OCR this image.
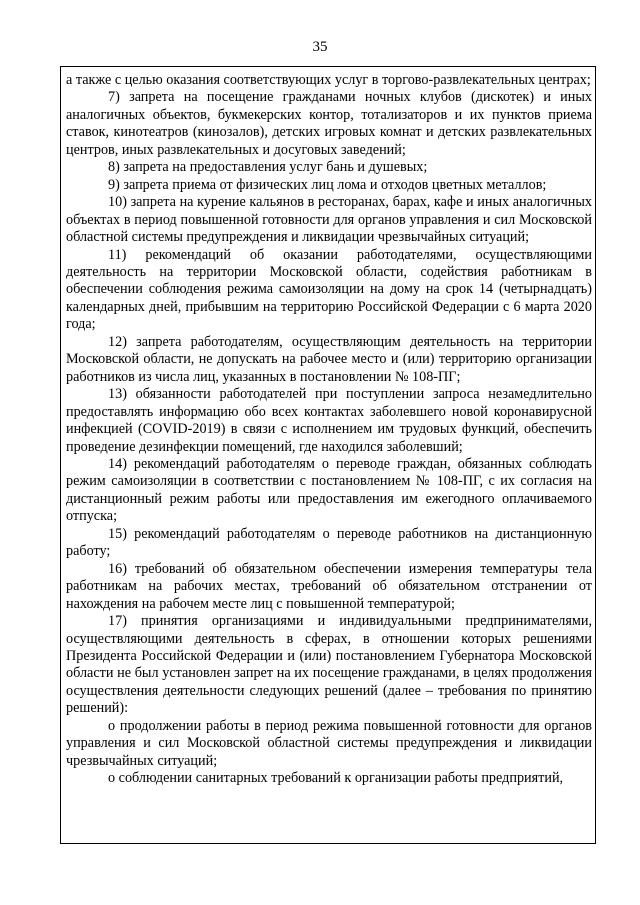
35

а также с целью оказания соответствующих услуг в торгово-развлекательных центрах;

7) запрета на посещение гражданами ночных клубов (дискотек) и иных аналогичных объектов, букмекерских контор, тотализаторов и их пунктов приема ставок, кинотеатров (кинозалов), детских игровых комнат и детских развлекательных центров, иных развлекательных и досуговых заведений;

8) запрета на предоставления услуг бань и душевых;

9) запрета приема от физических лиц лома и отходов цветных металлов;

10) запрета на курение кальянов в ресторанах, барах, кафе и иных аналогичных объектах в период повышенной готовности для органов управления и сил Московской областной системы предупреждения и ликвидации чрезвычайных ситуаций;

11) рекомендаций об оказании работодателями, осуществляющими деятельность на территории Московской области, содействия работникам в обеспечении соблюдения режима самоизоляции на дому на срок 14 (четырнадцать) календарных дней, прибывшим на территорию Российской Федерации с 6 марта 2020 года;

12) запрета работодателям, осуществляющим деятельность на территории Московской области, не допускать на рабочее место и (или) территорию организации работников из числа лиц, указанных в постановлении № 108-ПГ;

13) обязанности работодателей при поступлении запроса незамедлительно предоставлять информацию обо всех контактах заболевшего новой коронавирусной инфекцией (COVID-2019) в связи с исполнением им трудовых функций, обеспечить проведение дезинфекции помещений, где находился заболевший;

14) рекомендаций работодателям о переводе граждан, обязанных соблюдать режим самоизоляции в соответствии с постановлением № 108-ПГ, с их согласия на дистанционный режим работы или предоставления им ежегодного оплачиваемого отпуска;

15) рекомендаций работодателям о переводе работников на дистанционную работу;

16) требований об обязательном обеспечении измерения температуры тела работникам на рабочих местах, требований об обязательном отстранении от нахождения на рабочем месте лиц с повышенной температурой;

17) принятия организациями и индивидуальными предпринимателями, осуществляющими деятельность в сферах, в отношении которых решениями Президента Российской Федерации и (или) постановлением Губернатора Московской области не был установлен запрет на их посещение гражданами, в целях продолжения осуществления деятельности следующих решений (далее – требования по принятию решений):

о продолжении работы в период режима повышенной готовности для органов управления и сил Московской областной системы предупреждения и ликвидации чрезвычайных ситуаций;

о соблюдении санитарных требований к организации работы предприятий,
